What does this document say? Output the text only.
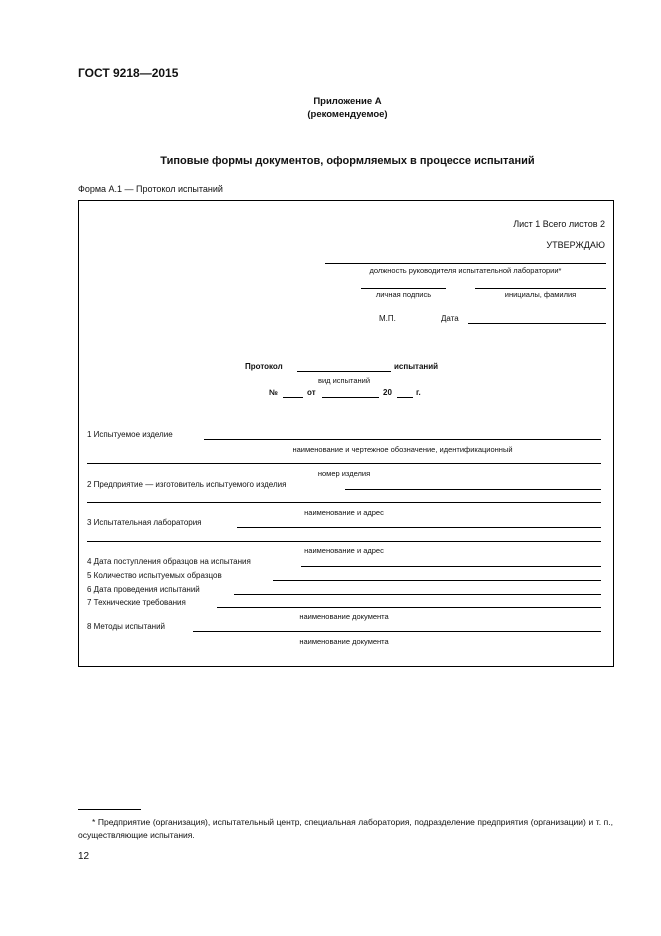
ГОСТ 9218—2015
Приложение А
(рекомендуемое)
Типовые формы документов, оформляемых в процессе испытаний
Форма А.1 — Протокол испытаний
Лист 1 Всего листов 2
УТВЕРЖДАЮ
должность руководителя испытательной лаборатории*
личная подпись	инициалы, фамилия
М.П.	Дата
Протокол	испытаний
вид испытаний
№	от	20	г.
1 Испытуемое изделие
наименование и чертежное обозначение, идентификационный
номер изделия
2 Предприятие — изготовитель испытуемого изделия
наименование и адрес
3 Испытательная лаборатория
наименование и адрес
4 Дата поступления образцов на испытания
5 Количество испытуемых образцов
6 Дата проведения испытаний
7 Технические требования
наименование документа
8 Методы испытаний
наименование документа
* Предприятие (организация), испытательный центр, специальная лаборатория, подразделение предприятия (организации) и т. п., осуществляющие испытания.
12
